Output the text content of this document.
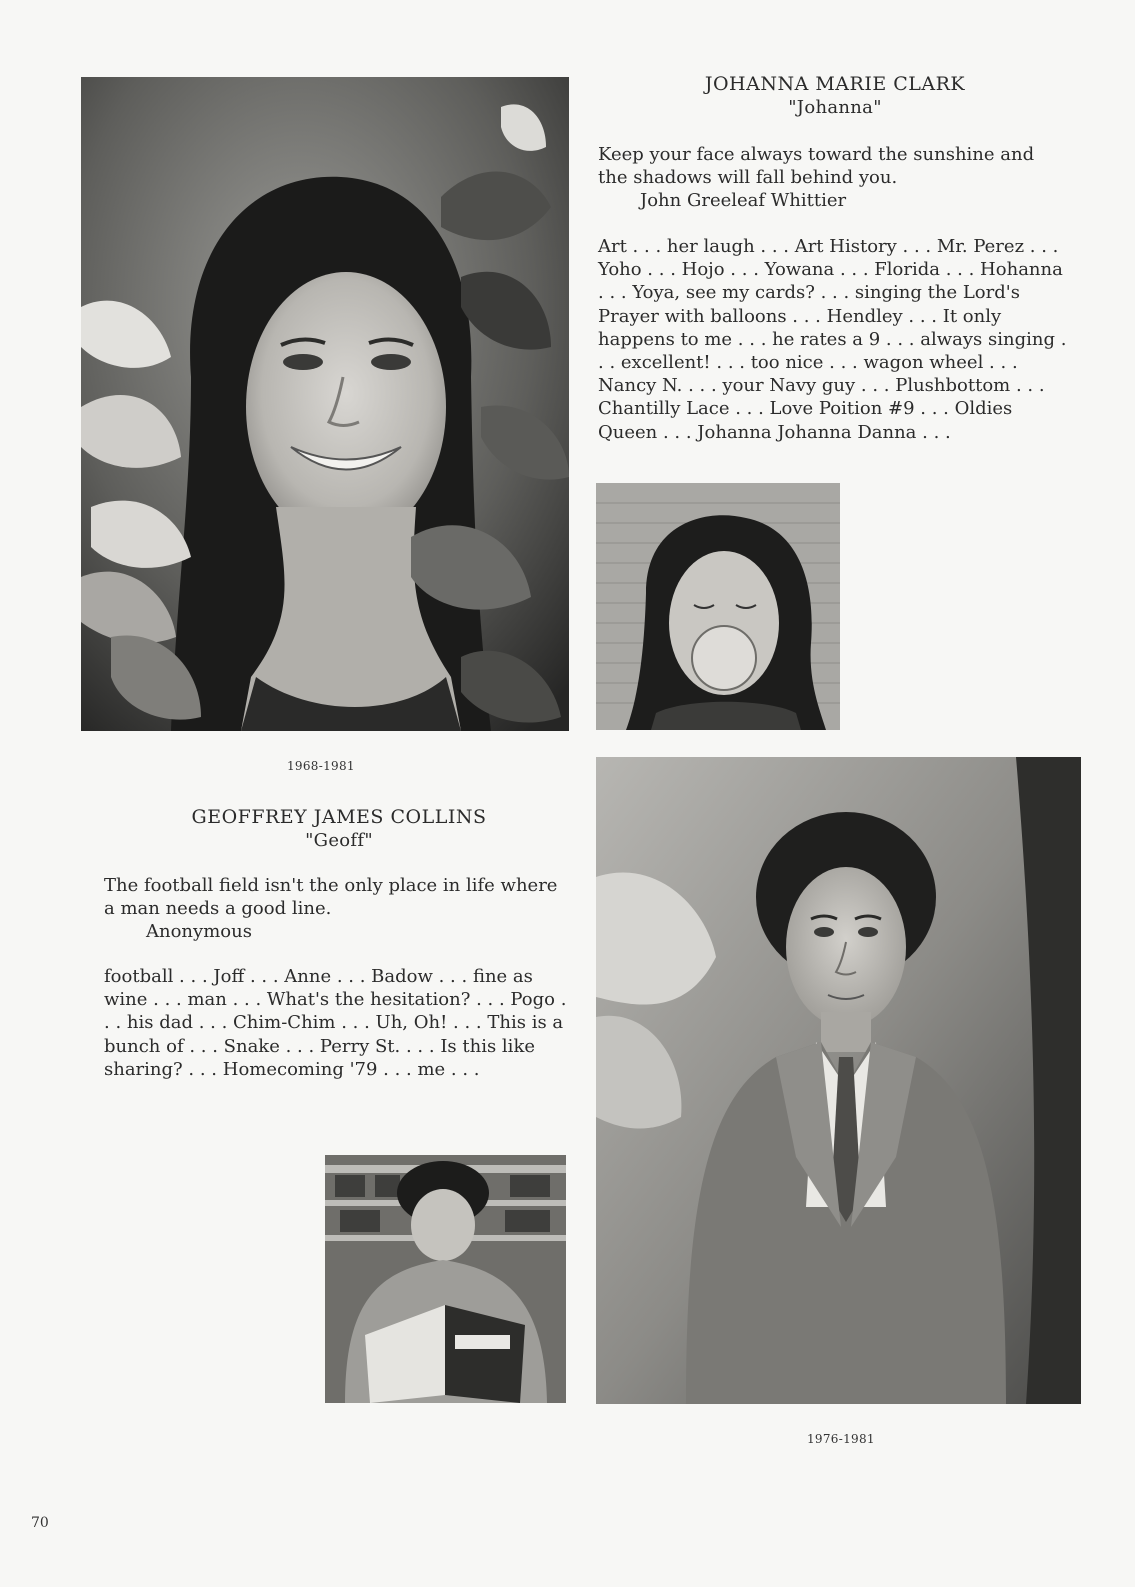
JOHANNA MARIE CLARK
"Johanna"
Keep your face always toward the sunshine and the shadows will fall behind you.
John Greeleaf Whittier
Art . . . her laugh . . . Art History . . . Mr. Perez . . . Yoho . . . Hojo . . . Yowana . . . Florida . . . Hohanna . . . Yoya, see my cards? . . . singing the Lord's Prayer with balloons . . . Hendley . . . It only happens to me . . . he rates a 9 . . . always singing . . . excellent! . . . too nice . . . wagon wheel . . . Nancy N. . . . your Navy guy . . . Plushbottom . . . Chantilly Lace . . . Love Poition #9 . . . Oldies Queen . . . Johanna Johanna Danna . . .
1968-1981
GEOFFREY JAMES COLLINS
"Geoff"
The football field isn't the only place in life where a man needs a good line.
Anonymous
football . . . Joff . . . Anne . . . Badow . . . fine as wine . . . man . . . What's the hesitation? . . . Pogo . . . his dad . . . Chim-Chim . . . Uh, Oh! . . . This is a bunch of . . . Snake . . . Perry St. . . . Is this like sharing? . . . Homecoming '79 . . . me . . .
1976-1981
70
